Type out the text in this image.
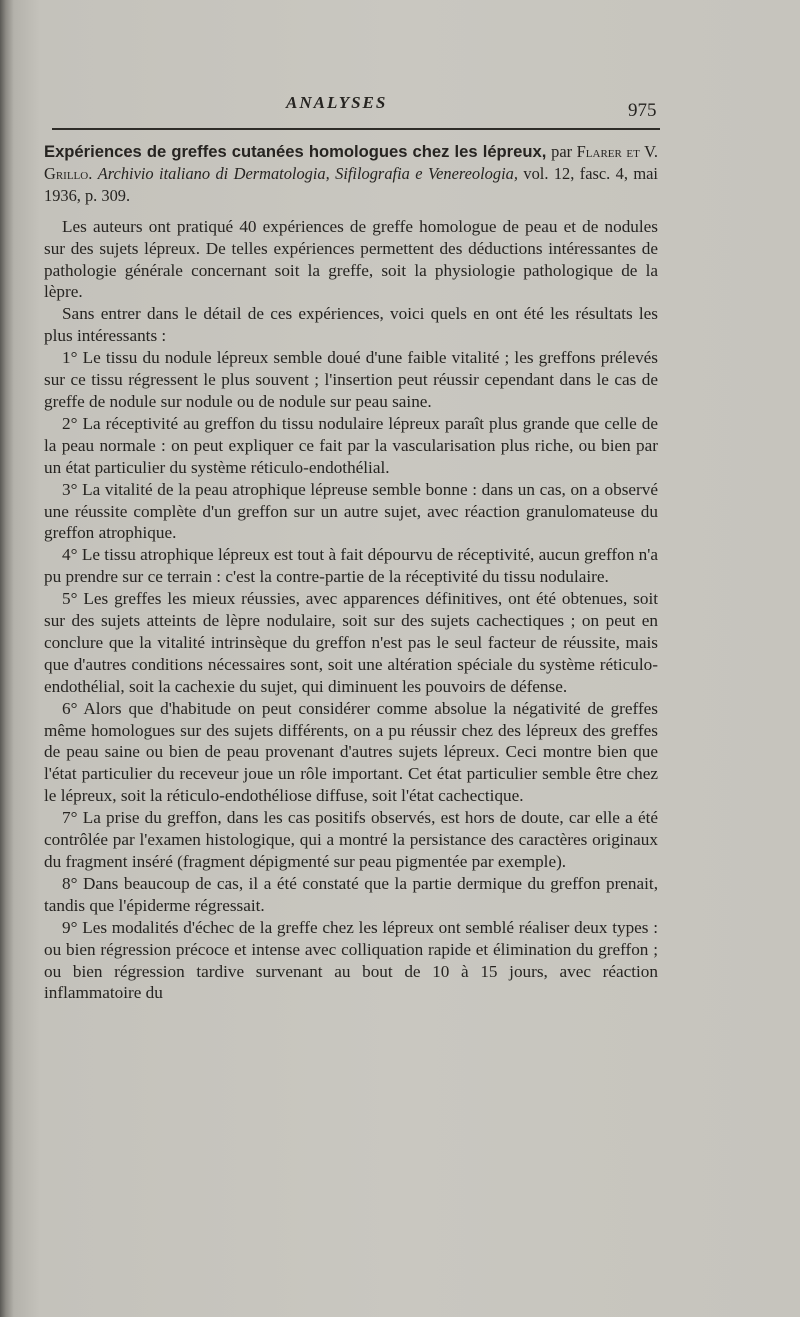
ANALYSES	975

Expériences de greffes cutanées homologues chez les lépreux, par Flarer et V. Grillo. Archivio italiano di Dermatologia, Sifilografia e Venereologia, vol. 12, fasc. 4, mai 1936, p. 309.

Les auteurs ont pratiqué 40 expériences de greffe homologue de peau et de nodules sur des sujets lépreux. De telles expériences permettent des déductions intéressantes de pathologie générale concernant soit la greffe, soit la physiologie pathologique de la lèpre.

Sans entrer dans le détail de ces expériences, voici quels en ont été les résultats les plus intéressants :

1° Le tissu du nodule lépreux semble doué d'une faible vitalité ; les greffons prélevés sur ce tissu régressent le plus souvent ; l'insertion peut réussir cependant dans le cas de greffe de nodule sur nodule ou de nodule sur peau saine.

2° La réceptivité au greffon du tissu nodulaire lépreux paraît plus grande que celle de la peau normale : on peut expliquer ce fait par la vascularisation plus riche, ou bien par un état particulier du système réticulo-endothélial.

3° La vitalité de la peau atrophique lépreuse semble bonne : dans un cas, on a observé une réussite complète d'un greffon sur un autre sujet, avec réaction granulomateuse du greffon atrophique.

4° Le tissu atrophique lépreux est tout à fait dépourvu de réceptivité, aucun greffon n'a pu prendre sur ce terrain : c'est la contre-partie de la réceptivité du tissu nodulaire.

5° Les greffes les mieux réussies, avec apparences définitives, ont été obtenues, soit sur des sujets atteints de lèpre nodulaire, soit sur des sujets cachectiques ; on peut en conclure que la vitalité intrinsèque du greffon n'est pas le seul facteur de réussite, mais que d'autres conditions nécessaires sont, soit une altération spéciale du système réticulo-endothélial, soit la cachexie du sujet, qui diminuent les pouvoirs de défense.

6° Alors que d'habitude on peut considérer comme absolue la négativité de greffes même homologues sur des sujets différents, on a pu réussir chez des lépreux des greffes de peau saine ou bien de peau provenant d'autres sujets lépreux. Ceci montre bien que l'état particulier du receveur joue un rôle important. Cet état particulier semble être chez le lépreux, soit la réticulo-endothéliose diffuse, soit l'état cachectique.

7° La prise du greffon, dans les cas positifs observés, est hors de doute, car elle a été contrôlée par l'examen histologique, qui a montré la persistance des caractères originaux du fragment inséré (fragment dépigmenté sur peau pigmentée par exemple).

8° Dans beaucoup de cas, il a été constaté que la partie dermique du greffon prenait, tandis que l'épiderme régressait.

9° Les modalités d'échec de la greffe chez les lépreux ont semblé réaliser deux types : ou bien régression précoce et intense avec colliquation rapide et élimination du greffon ; ou bien régression tardive survenant au bout de 10 à 15 jours, avec réaction inflammatoire du
